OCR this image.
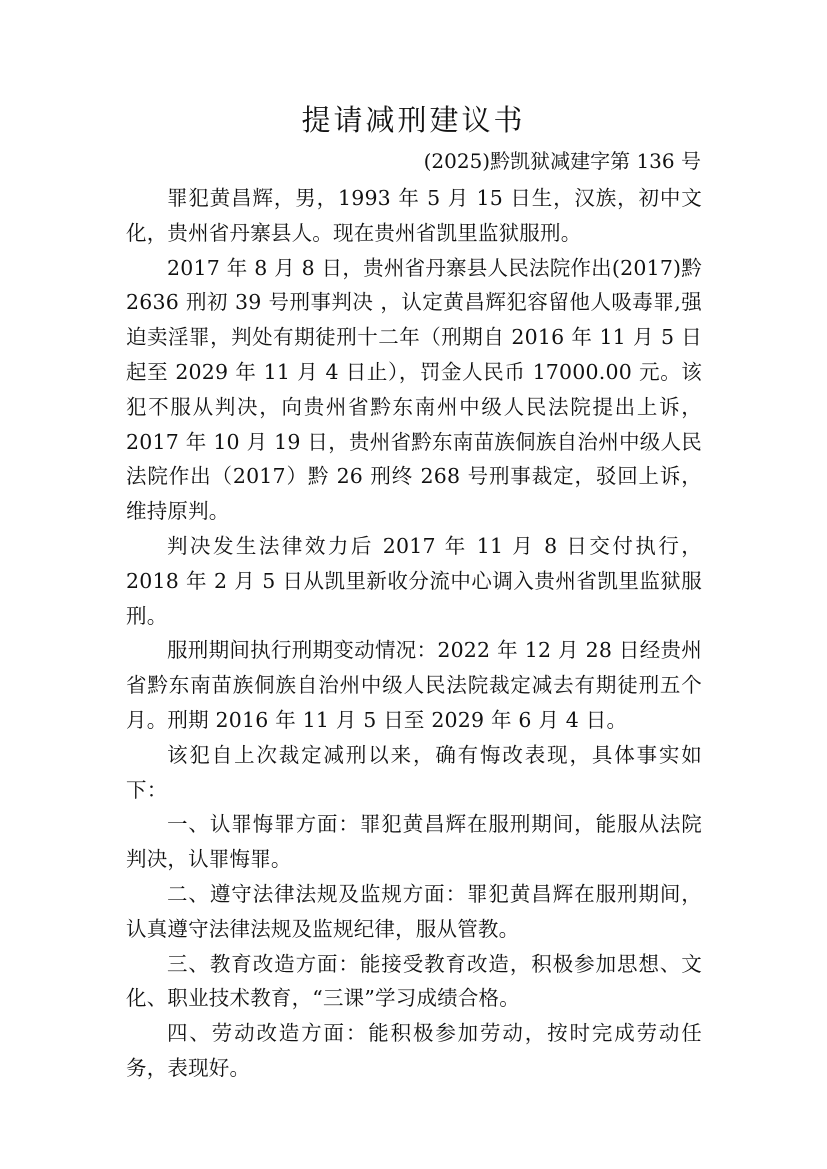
提请减刑建议书
(2025)黔凯狱减建字第 136 号

罪犯黄昌辉，男，1993 年 5 月 15 日生，汉族，初中文化，贵州省丹寨县人。现在贵州省凯里监狱服刑。

2017 年 8 月 8 日，贵州省丹寨县人民法院作出(2017)黔 2636 刑初 39 号刑事判决 ，认定黄昌辉犯容留他人吸毒罪,强迫卖淫罪，判处有期徒刑十二年（刑期自 2016 年 11 月 5 日起至 2029 年 11 月 4 日止），罚金人民币 17000.00 元。该犯不服从判决，向贵州省黔东南州中级人民法院提出上诉，2017 年 10 月 19 日，贵州省黔东南苗族侗族自治州中级人民法院作出（2017）黔 26 刑终 268 号刑事裁定，驳回上诉，维持原判。

判决发生法律效力后 2017 年 11 月 8 日交付执行，2018 年 2 月 5 日从凯里新收分流中心调入贵州省凯里监狱服刑。

服刑期间执行刑期变动情况：2022 年 12 月 28 日经贵州省黔东南苗族侗族自治州中级人民法院裁定减去有期徒刑五个月。刑期 2016 年 11 月 5 日至 2029 年 6 月 4 日。

该犯自上次裁定减刑以来，确有悔改表现，具体事实如下：

一、认罪悔罪方面：罪犯黄昌辉在服刑期间，能服从法院判决，认罪悔罪。

二、遵守法律法规及监规方面：罪犯黄昌辉在服刑期间，认真遵守法律法规及监规纪律，服从管教。

三、教育改造方面：能接受教育改造，积极参加思想、文化、职业技术教育，“三课”学习成绩合格。

四、劳动改造方面：能积极参加劳动，按时完成劳动任务，表现好。
